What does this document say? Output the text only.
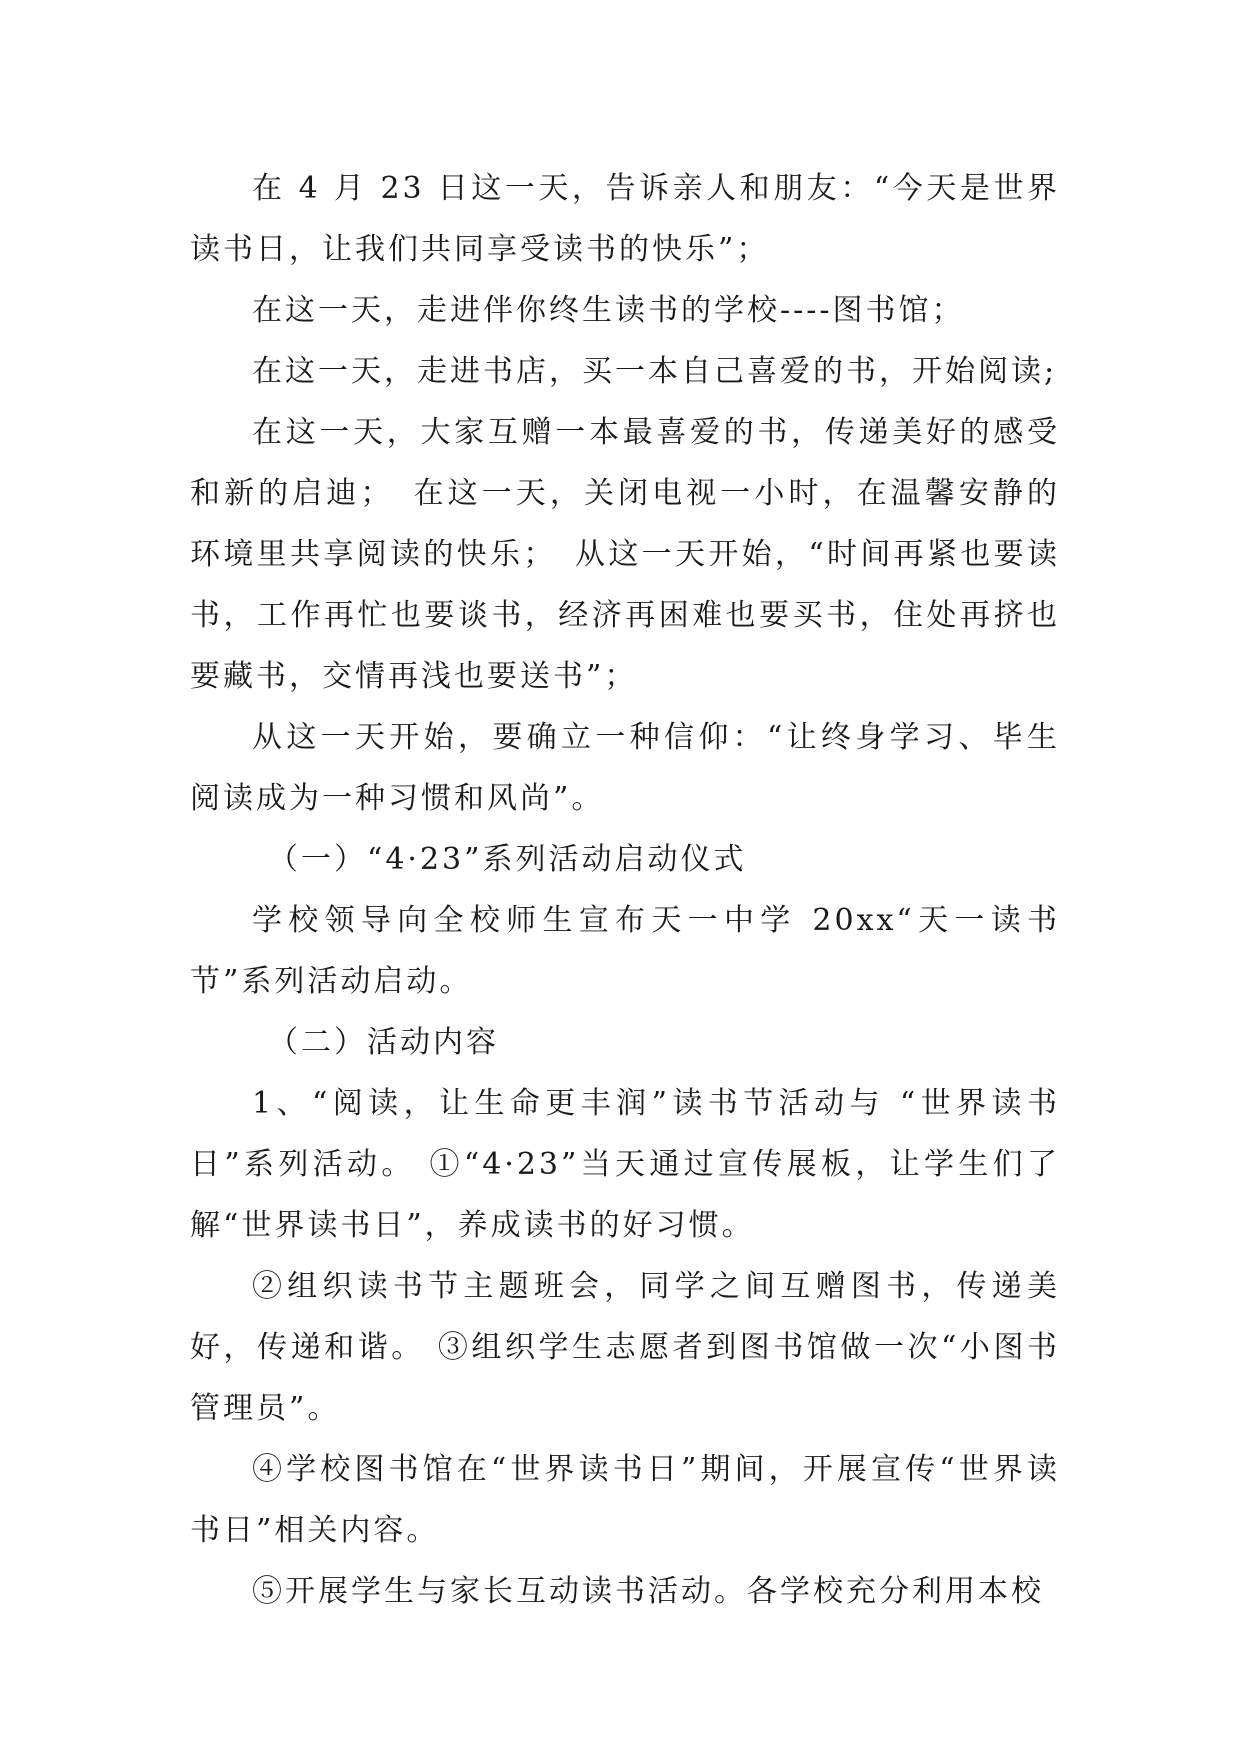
在 4 月 23 日这一天，告诉亲人和朋友：“今天是世界读书日，让我们共同享受读书的快乐”；

在这一天，走进伴你终生读书的学校----图书馆；

在这一天，走进书店，买一本自己喜爱的书，开始阅读;

在这一天，大家互赠一本最喜爱的书，传递美好的感受和新的启迪；　在这一天，关闭电视一小时，在温馨安静的环境里共享阅读的快乐；　从这一天开始，“时间再紧也要读书，工作再忙也要谈书，经济再困难也要买书，住处再挤也要藏书，交情再浅也要送书”；

从这一天开始，要确立一种信仰：“让终身学习、毕生阅读成为一种习惯和风尚”。

（一）“4·23”系列活动启动仪式

学校领导向全校师生宣布天一中学 20xx“天一读书节”系列活动启动。

（二）活动内容

1、“阅读，让生命更丰润”读书节活动与 “世界读书日”系列活动。 ①“4·23”当天通过宣传展板，让学生们了解“世界读书日”，养成读书的好习惯。

②组织读书节主题班会，同学之间互赠图书，传递美好，传递和谐。 ③组织学生志愿者到图书馆做一次“小图书管理员”。

④学校图书馆在“世界读书日”期间，开展宣传“世界读书日”相关内容。

⑤开展学生与家长互动读书活动。各学校充分利用本校
